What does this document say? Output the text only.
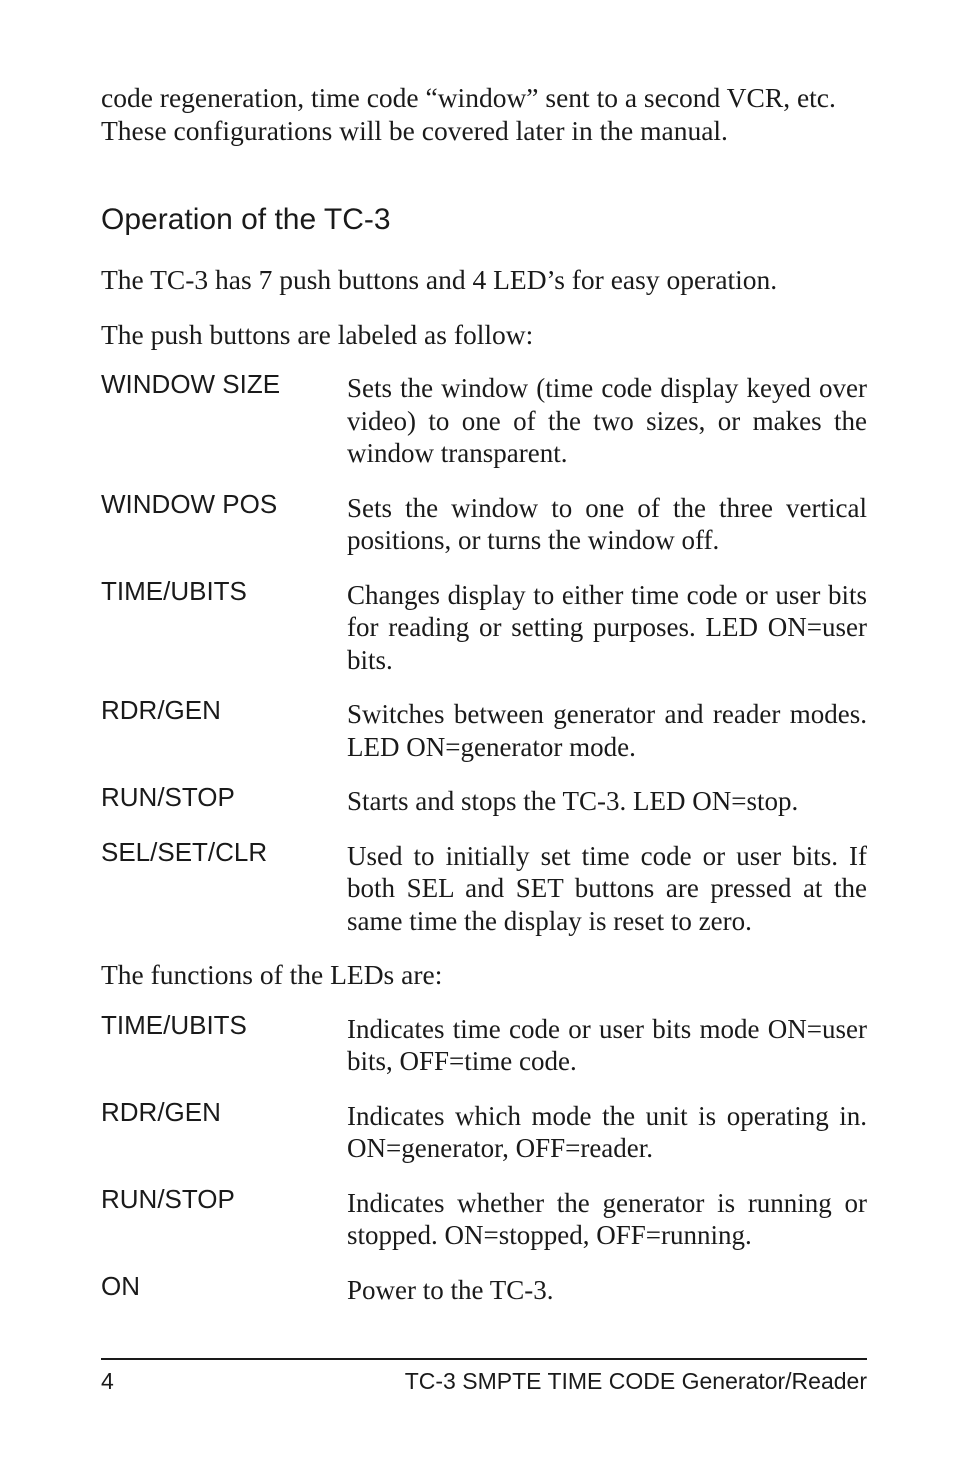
code regeneration, time code “window” sent to a second VCR, etc.
These configurations will be covered later in the manual.

Operation of the TC-3

The TC-3 has 7 push buttons and 4 LED’s for easy operation.

The push buttons are labeled as follow:

WINDOW SIZE	Sets the window (time code display keyed over video) to one of the two sizes, or makes the window transparent.
WINDOW POS	Sets the window to one of the three vertical positions, or turns the window off.
TIME/UBITS	Changes display to either time code or user bits for reading or setting purposes. LED ON=user bits.
RDR/GEN	Switches between generator and reader modes. LED ON=generator mode.
RUN/STOP	Starts and stops the TC-3. LED ON=stop.
SEL/SET/CLR	Used to initially set time code or user bits. If both SEL and SET buttons are pressed at the same time the display is reset to zero.

The functions of the LEDs are:

TIME/UBITS	Indicates time code or user bits mode ON=user bits, OFF=time code.
RDR/GEN	Indicates which mode the unit is operating in. ON=generator, OFF=reader.
RUN/STOP	Indicates whether the generator is running or stopped. ON=stopped, OFF=running.
ON	Power to the TC-3.
4	TC-3 SMPTE TIME CODE Generator/Reader
